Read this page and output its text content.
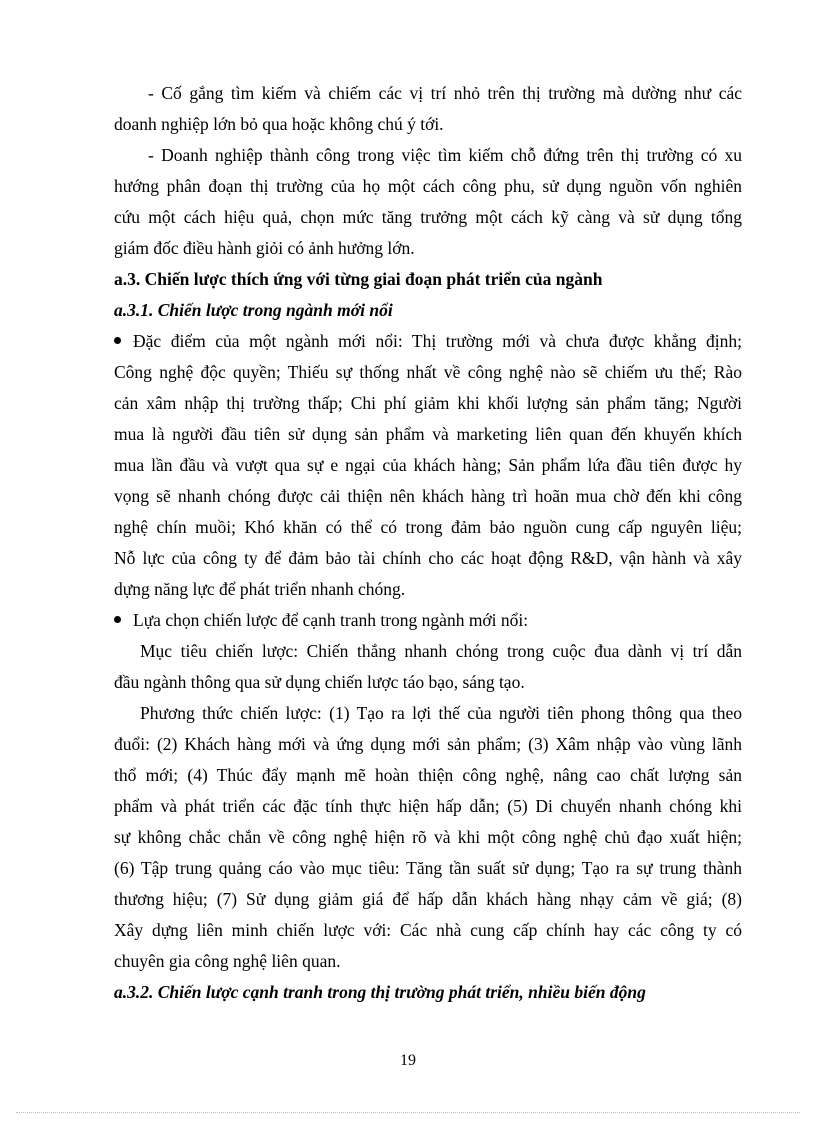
- Cố gắng tìm kiếm và chiếm các vị trí nhỏ trên thị trường mà dường như các
doanh nghiệp lớn bỏ qua hoặc không chú ý tới.
- Doanh nghiệp thành công trong việc tìm kiếm chỗ đứng trên thị trường có xu
hướng phân đoạn thị trường của họ một cách công phu, sử dụng nguồn vốn nghiên
cứu một cách hiệu quả, chọn mức tăng trưởng một cách kỹ càng và sử dụng tổng
giám đốc điều hành giỏi có ảnh hưởng lớn.
a.3. Chiến lược thích ứng với từng giai đoạn phát triển của ngành
a.3.1. Chiến lược trong ngành mới nổi
Đặc điểm của một ngành mới nổi: Thị trường mới và chưa được khẳng định;
Công nghệ độc quyền; Thiếu sự thống nhất về công nghệ nào sẽ chiếm ưu thế; Rào
cản xâm nhập thị trường thấp; Chi phí giảm khi khối lượng sản phẩm tăng; Người
mua là người đầu tiên sử dụng sản phẩm và marketing liên quan đến khuyến khích
mua lần đầu và vượt qua sự e ngại của khách hàng; Sản phẩm lứa đầu tiên được hy
vọng sẽ nhanh chóng được cải thiện nên khách hàng trì hoãn mua chờ đến khi công
nghệ chín muồi; Khó khăn có thể có trong đảm bảo nguồn cung cấp nguyên liệu;
Nỗ lực của công ty để đảm bảo tài chính cho các hoạt động R&D, vận hành và xây
dựng năng lực để phát triển nhanh chóng.
Lựa chọn chiến lược để cạnh tranh trong ngành mới nổi:
Mục tiêu chiến lược: Chiến thắng nhanh chóng trong cuộc đua dành vị trí dẫn
đầu ngành thông qua sử dụng chiến lược táo bạo, sáng tạo.
Phương thức chiến lược: (1) Tạo ra lợi thế của người tiên phong thông qua theo
đuổi: (2) Khách hàng mới và ứng dụng mới sản phẩm; (3) Xâm nhập vào vùng lãnh
thổ mới; (4) Thúc đẩy mạnh mẽ hoàn thiện công nghệ, nâng cao chất lượng sản
phẩm và phát triển các đặc tính thực hiện hấp dẫn; (5) Di chuyển nhanh chóng khi
sự không chắc chắn về công nghệ hiện rõ và khi một công nghệ chủ đạo xuất hiện;
(6) Tập trung quảng cáo vào mục tiêu: Tăng tần suất sử dụng; Tạo ra sự trung thành
thương hiệu; (7) Sử dụng giảm giá để hấp dẫn khách hàng nhạy cảm về giá; (8)
Xây dựng liên minh chiến lược với: Các nhà cung cấp chính hay các công ty có
chuyên gia công nghệ liên quan.
a.3.2. Chiến lược cạnh tranh trong thị trường phát triển, nhiều biến động
19
